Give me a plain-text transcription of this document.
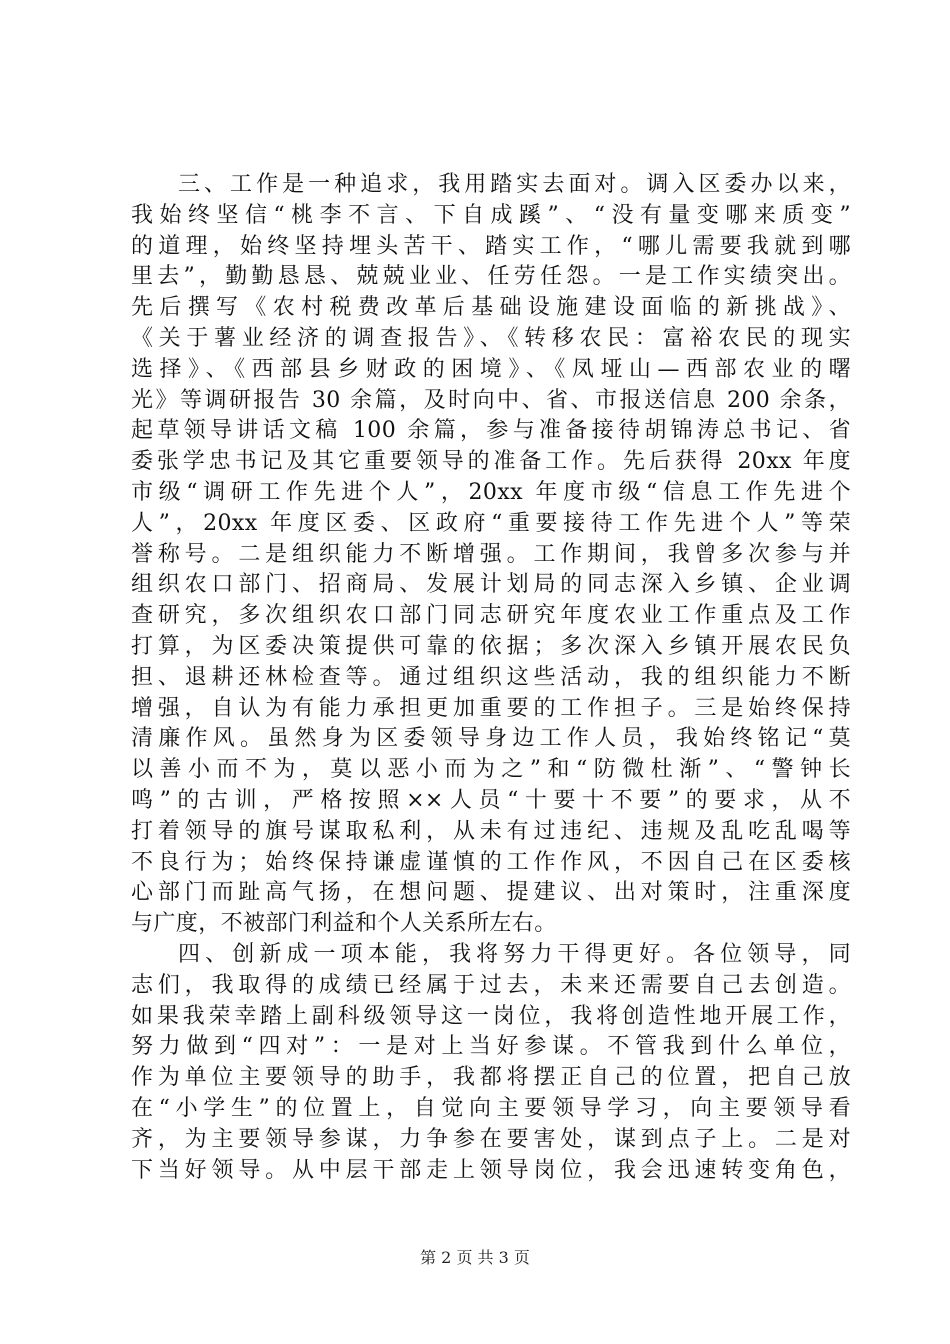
三、工作是一种追求，我用踏实去面对。调入区委办以来，
我始终坚信“桃李不言、下自成蹊”、“没有量变哪来质变”
的道理，始终坚持埋头苦干、踏实工作，“哪儿需要我就到哪
里去”，勤勤恳恳、兢兢业业、任劳任怨。一是工作实绩突出。
先后撰写《农村税费改革后基础设施建设面临的新挑战》、
《关于薯业经济的调查报告》、《转移农民：富裕农民的现实
选择》、《西部县乡财政的困境》、《凤垭山—西部农业的曙
光》等调研报告 30 余篇，及时向中、省、市报送信息 200 余条，
起草领导讲话文稿 100 余篇，参与准备接待胡锦涛总书记、省
委张学忠书记及其它重要领导的准备工作。先后获得 20xx 年度
市级“调研工作先进个人”，20xx 年度市级“信息工作先进个
人”，20xx 年度区委、区政府“重要接待工作先进个人”等荣
誉称号。二是组织能力不断增强。工作期间，我曾多次参与并
组织农口部门、招商局、发展计划局的同志深入乡镇、企业调
查研究，多次组织农口部门同志研究年度农业工作重点及工作
打算，为区委决策提供可靠的依据；多次深入乡镇开展农民负
担、退耕还林检查等。通过组织这些活动，我的组织能力不断
增强，自认为有能力承担更加重要的工作担子。三是始终保持
清廉作风。虽然身为区委领导身边工作人员，我始终铭记“莫
以善小而不为，莫以恶小而为之”和“防微杜渐”、“警钟长
鸣”的古训，严格按照××人员“十要十不要”的要求，从不
打着领导的旗号谋取私利，从未有过违纪、违规及乱吃乱喝等
不良行为；始终保持谦虚谨慎的工作作风，不因自己在区委核
心部门而趾高气扬，在想问题、提建议、出对策时，注重深度
与广度，不被部门利益和个人关系所左右。
四、创新成一项本能，我将努力干得更好。各位领导，同
志们，我取得的成绩已经属于过去，未来还需要自己去创造。
如果我荣幸踏上副科级领导这一岗位，我将创造性地开展工作，
努力做到“四对”：一是对上当好参谋。不管我到什么单位，
作为单位主要领导的助手，我都将摆正自己的位置，把自己放
在“小学生”的位置上，自觉向主要领导学习，向主要领导看
齐，为主要领导参谋，力争参在要害处，谋到点子上。二是对
下当好领导。从中层干部走上领导岗位，我会迅速转变角色，
第 2 页 共 3 页
